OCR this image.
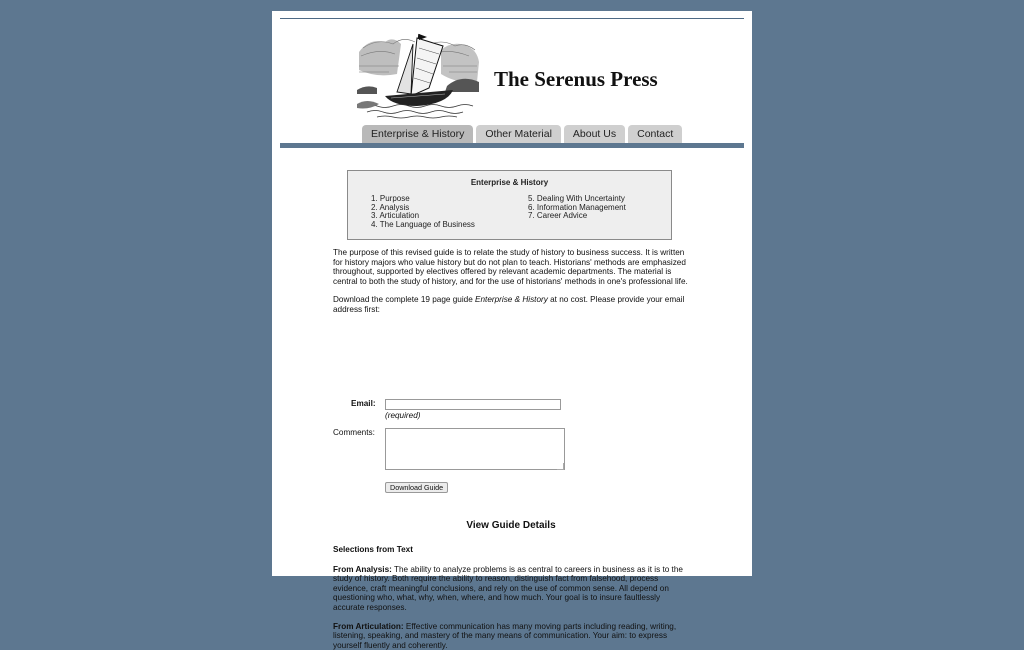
The Serenus Press
Enterprise & History	Other Material	About Us	Contact
Enterprise & History
1. Purpose
2. Analysis
3. Articulation
4. The Language of Business
5. Dealing With Uncertainty
6. Information Management
7. Career Advice

The purpose of this revised guide is to relate the study of history to business success. It is written for history majors who value history but do not plan to teach. Historians' methods are emphasized throughout, supported by electives offered by relevant academic departments. The material is central to both the study of history, and for the use of historians' methods in one's professional life.

Download the complete 19 page guide Enterprise & History at no cost. Please provide your email address first:

Email:
(required)
Comments:
Download Guide
View Guide Details
Selections from Text

From Analysis: The ability to analyze problems is as central to careers in business as it is to the study of history. Both require the ability to reason, distinguish fact from falsehood, process evidence, craft meaningful conclusions, and rely on the use of common sense. All depend on questioning who, what, why, when, where, and how much. Your goal is to insure faultlessly accurate responses.

From Articulation: Effective communication has many moving parts including reading, writing, listening, speaking, and mastery of the many means of communication. Your aim: to express yourself fluently and coherently.
